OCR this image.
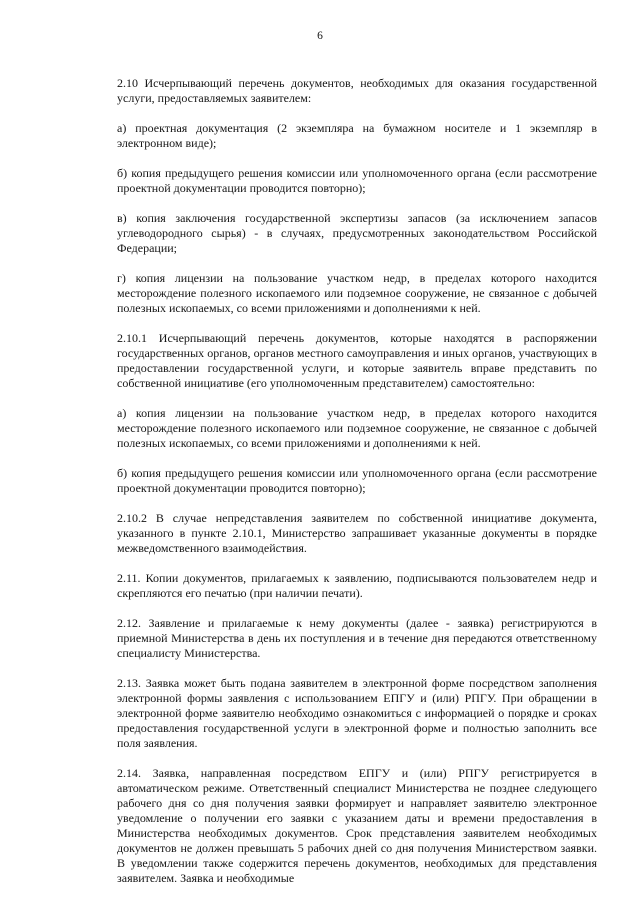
6

2.10 Исчерпывающий перечень документов, необходимых для оказания государственной услуги, предоставляемых заявителем:

а) проектная документация (2 экземпляра на бумажном носителе и 1 экземпляр в электронном виде);

б) копия предыдущего решения комиссии или уполномоченного органа (если рассмотрение проектной документации проводится повторно);

в) копия заключения государственной экспертизы запасов (за исключением запасов углеводородного сырья) - в случаях, предусмотренных законодательством Российской Федерации;

г) копия лицензии на пользование участком недр, в пределах которого находится месторождение полезного ископаемого или подземное сооружение, не связанное с добычей полезных ископаемых, со всеми приложениями и дополнениями к ней.

2.10.1 Исчерпывающий перечень документов, которые находятся в распоряжении государственных органов, органов местного самоуправления и иных органов, участвующих в предоставлении государственной услуги, и которые заявитель вправе представить по собственной инициативе (его уполномоченным представителем) самостоятельно:

а) копия лицензии на пользование участком недр, в пределах которого находится месторождение полезного ископаемого или подземное сооружение, не связанное с добычей полезных ископаемых, со всеми приложениями и дополнениями к ней.

б) копия предыдущего решения комиссии или уполномоченного органа (если рассмотрение проектной документации проводится повторно);

2.10.2 В случае непредставления заявителем по собственной инициативе документа, указанного в пункте 2.10.1, Министерство запрашивает указанные документы в порядке межведомственного взаимодействия.

2.11. Копии документов, прилагаемых к заявлению, подписываются пользователем недр и скрепляются его печатью (при наличии печати).

2.12. Заявление и прилагаемые к нему документы (далее - заявка) регистрируются в приемной Министерства в день их поступления и в течение дня передаются ответственному специалисту Министерства.

2.13. Заявка может быть подана заявителем в электронной форме посредством заполнения электронной формы заявления с использованием ЕПГУ и (или) РПГУ. При обращении в электронной форме заявителю необходимо ознакомиться с информацией о порядке и сроках предоставления государственной услуги в электронной форме и полностью заполнить все поля заявления.

2.14. Заявка, направленная посредством ЕПГУ и (или) РПГУ регистрируется в автоматическом режиме. Ответственный специалист Министерства не позднее следующего рабочего дня со дня получения заявки формирует и направляет заявителю электронное уведомление о получении его заявки с указанием даты и времени предоставления в Министерства необходимых документов. Срок представления заявителем необходимых документов не должен превышать 5 рабочих дней со дня получения Министерством заявки. В уведомлении также содержится перечень документов, необходимых для представления заявителем. Заявка и необходимые
